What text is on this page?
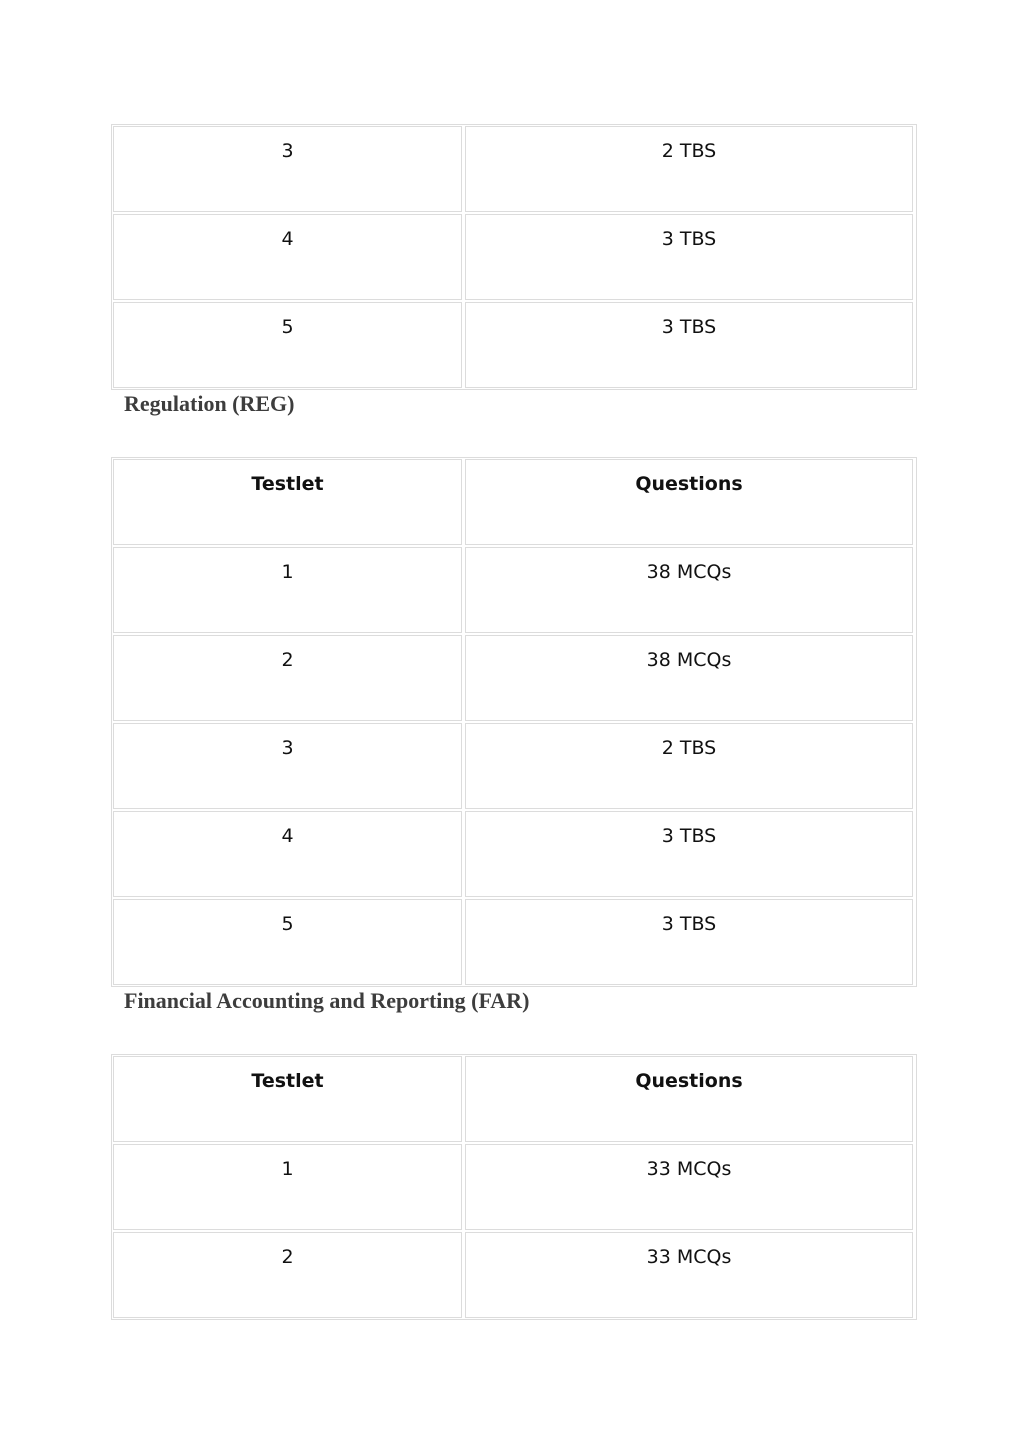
3	2 TBS
4	3 TBS
5	3 TBS
Regulation (REG)
Testlet	Questions
1	38 MCQs
2	38 MCQs
3	2 TBS
4	3 TBS
5	3 TBS
Financial Accounting and Reporting (FAR)
Testlet	Questions
1	33 MCQs
2	33 MCQs
